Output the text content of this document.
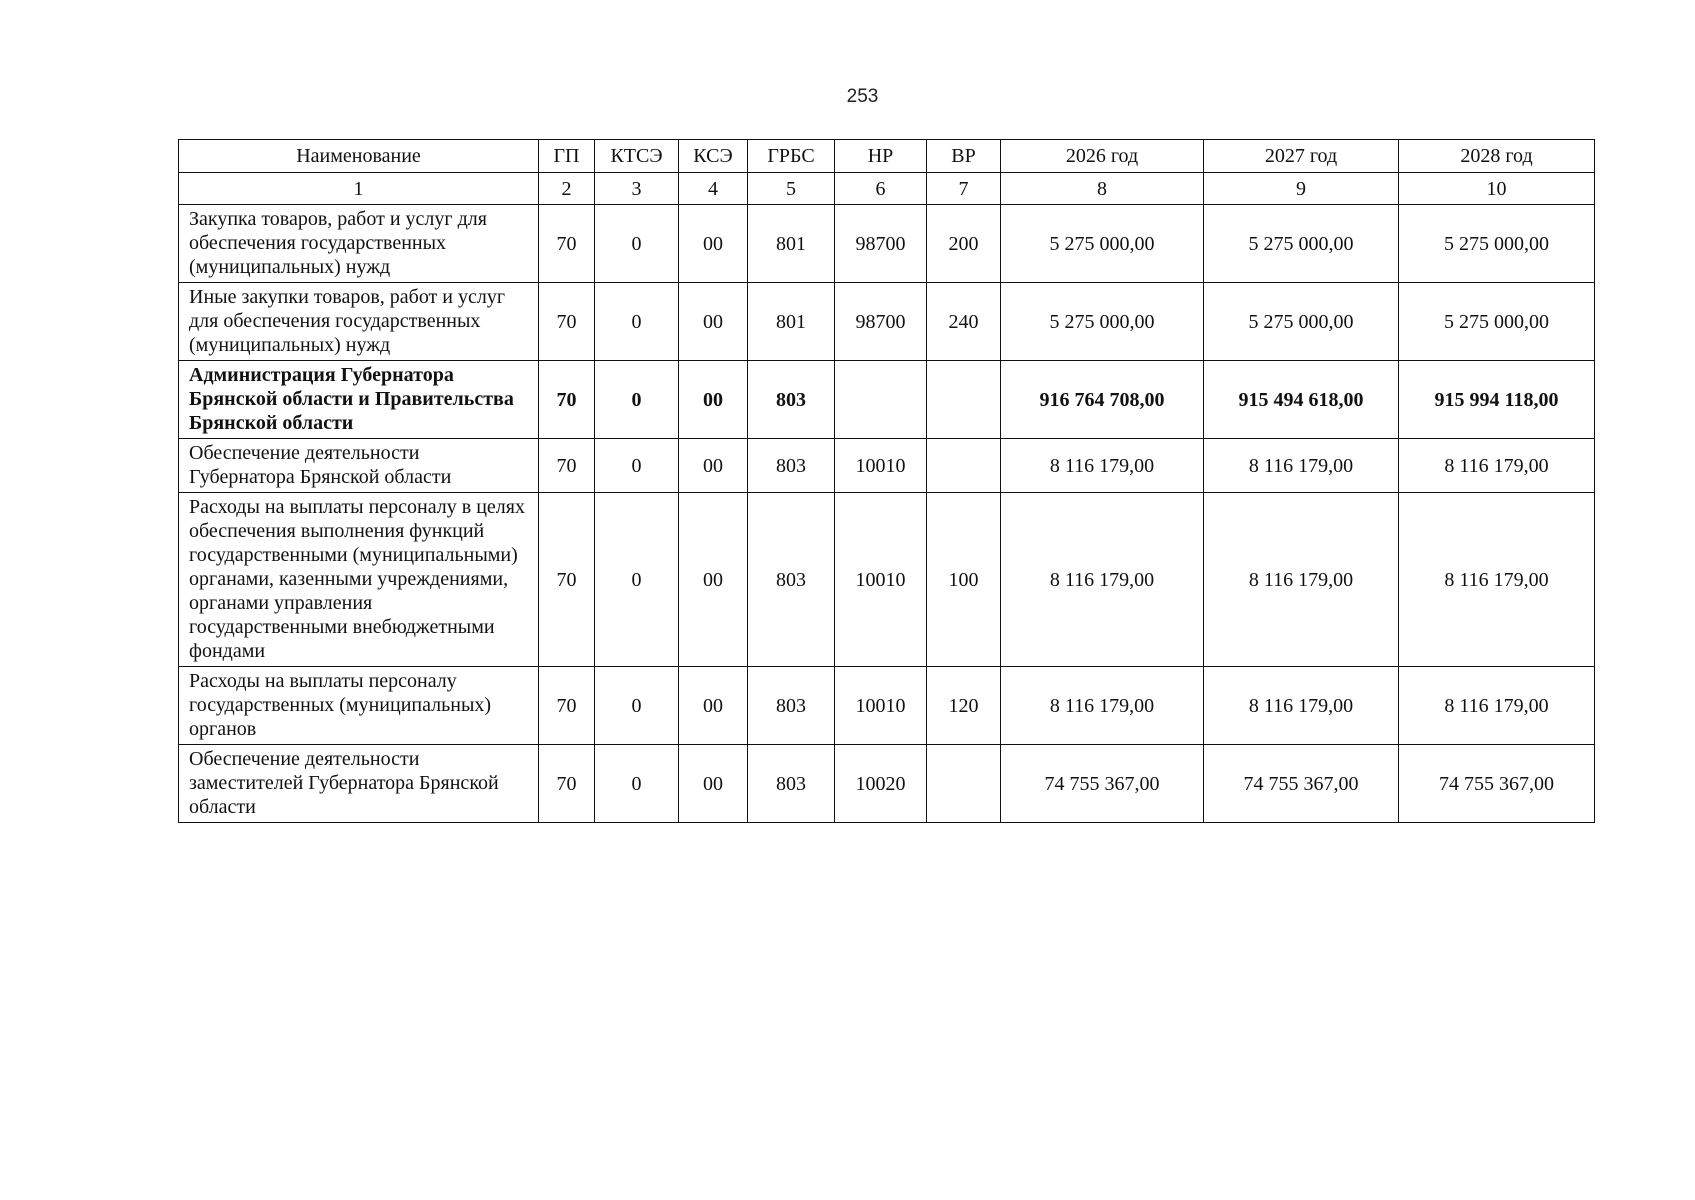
253
Наименование	ГП	КТСЭ	КСЭ	ГРБС	НР	ВР	2026 год	2027 год	2028 год
1	2	3	4	5	6	7	8	9	10
Закупка товаров, работ и услуг для обеспечения государственных (муниципальных) нужд	70	0	00	801	98700	200	5 275 000,00	5 275 000,00	5 275 000,00
Иные закупки товаров, работ и услуг для обеспечения государственных (муниципальных) нужд	70	0	00	801	98700	240	5 275 000,00	5 275 000,00	5 275 000,00
Администрация Губернатора Брянской области и Правительства Брянской области	70	0	00	803			916 764 708,00	915 494 618,00	915 994 118,00
Обеспечение деятельности Губернатора Брянской области	70	0	00	803	10010		8 116 179,00	8 116 179,00	8 116 179,00
Расходы на выплаты персоналу в целях обеспечения выполнения функций государственными (муниципальными) органами, казенными учреждениями, органами управления государственными внебюджетными фондами	70	0	00	803	10010	100	8 116 179,00	8 116 179,00	8 116 179,00
Расходы на выплаты персоналу государственных (муниципальных) органов	70	0	00	803	10010	120	8 116 179,00	8 116 179,00	8 116 179,00
Обеспечение деятельности заместителей Губернатора Брянской области	70	0	00	803	10020		74 755 367,00	74 755 367,00	74 755 367,00
